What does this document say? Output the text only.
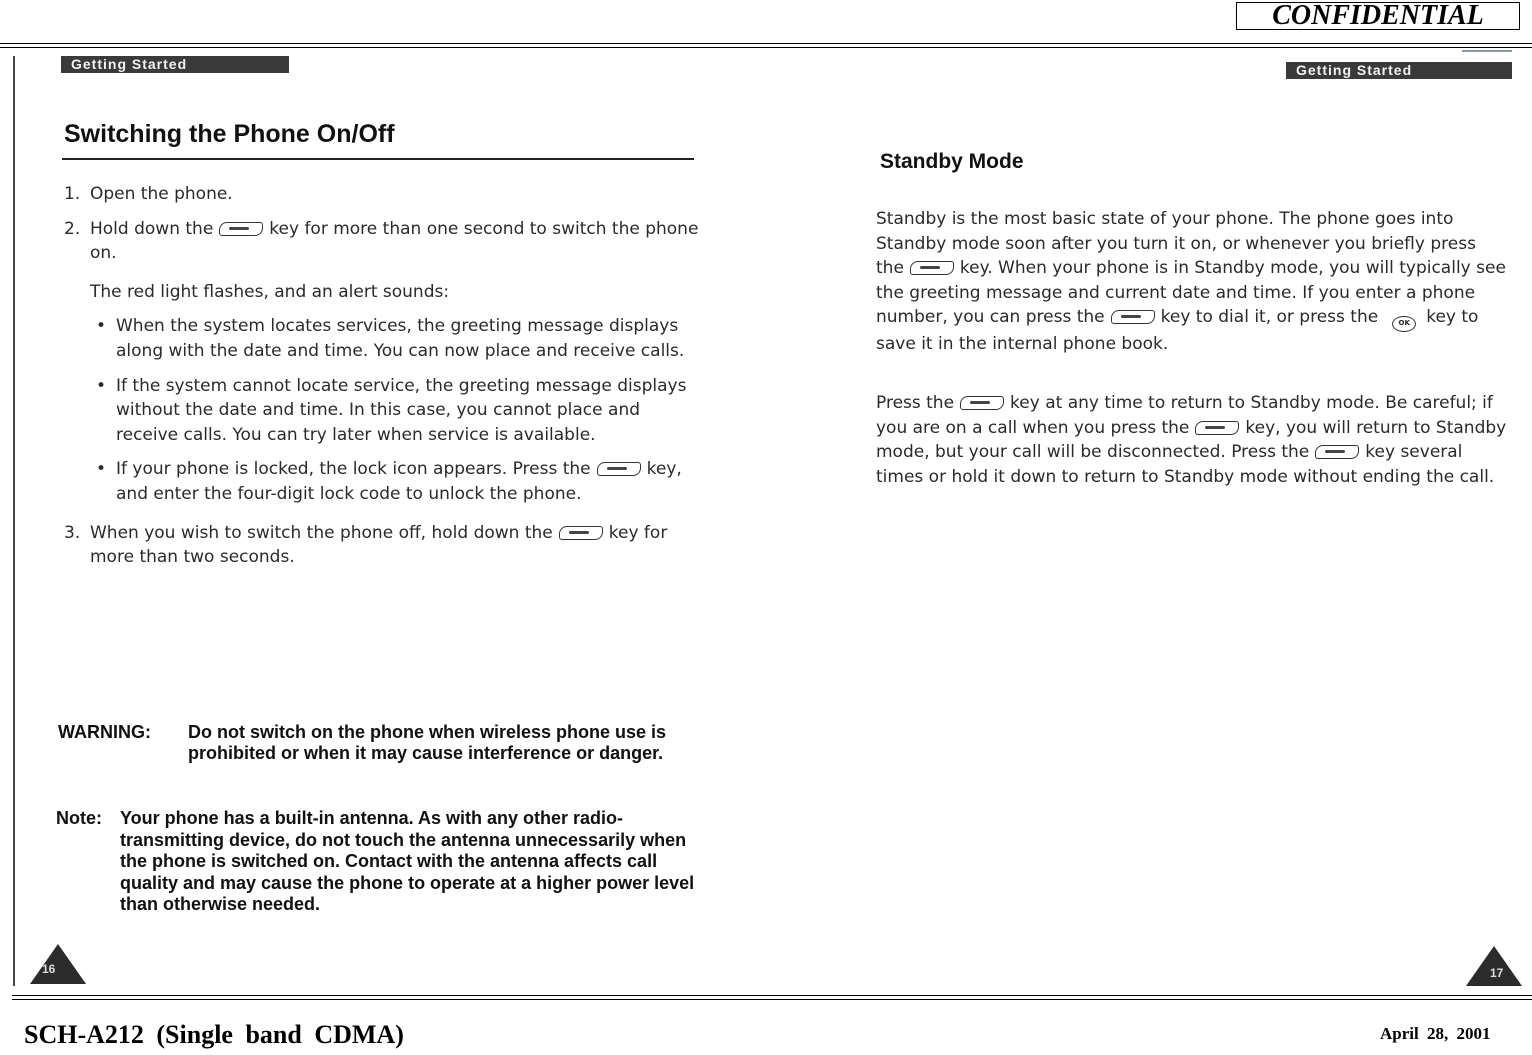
CONFIDENTIAL
Getting Started
Switching the Phone On/Off

1. Open the phone.

2. Hold down the	key for more than one second to switch the phone on.

The red light flashes, and an alert sounds:

• When the system locates services, the greeting message displays along with the date and time. You can now place and receive calls.

• If the system cannot locate service, the greeting message displays without the date and time. In this case, you cannot place and receive calls. You can try later when service is available.

• If your phone is locked, the lock icon appears. Press the	key, and enter the four-digit lock code to unlock the phone.

3. When you wish to switch the phone off, hold down the	key for more than two seconds.

WARNING: Do not switch on the phone when wireless phone use is prohibited or when it may cause interference or danger.
Note: Your phone has a built-in antenna. As with any other radio-transmitting device, do not touch the antenna unnecessarily when the phone is switched on. Contact with the antenna affects call quality and may cause the phone to operate at a higher power level than otherwise needed.
16
Getting Started
Standby Mode

Standby is the most basic state of your phone. The phone goes into Standby mode soon after you turn it on, or whenever you briefly press the	key. When your phone is in Standby mode, you will typically see the greeting message and current date and time. If you enter a phone number, you can press the	key to dial it, or press the	OK key to save it in the internal phone book.

Press the	key at any time to return to Standby mode. Be careful; if you are on a call when you press the	key, you will return to Standby mode, but your call will be disconnected. Press the	key several times or hold it down to return to Standby mode without ending the call.

17
SCH-A212 (Single band CDMA)	April 28, 2001
